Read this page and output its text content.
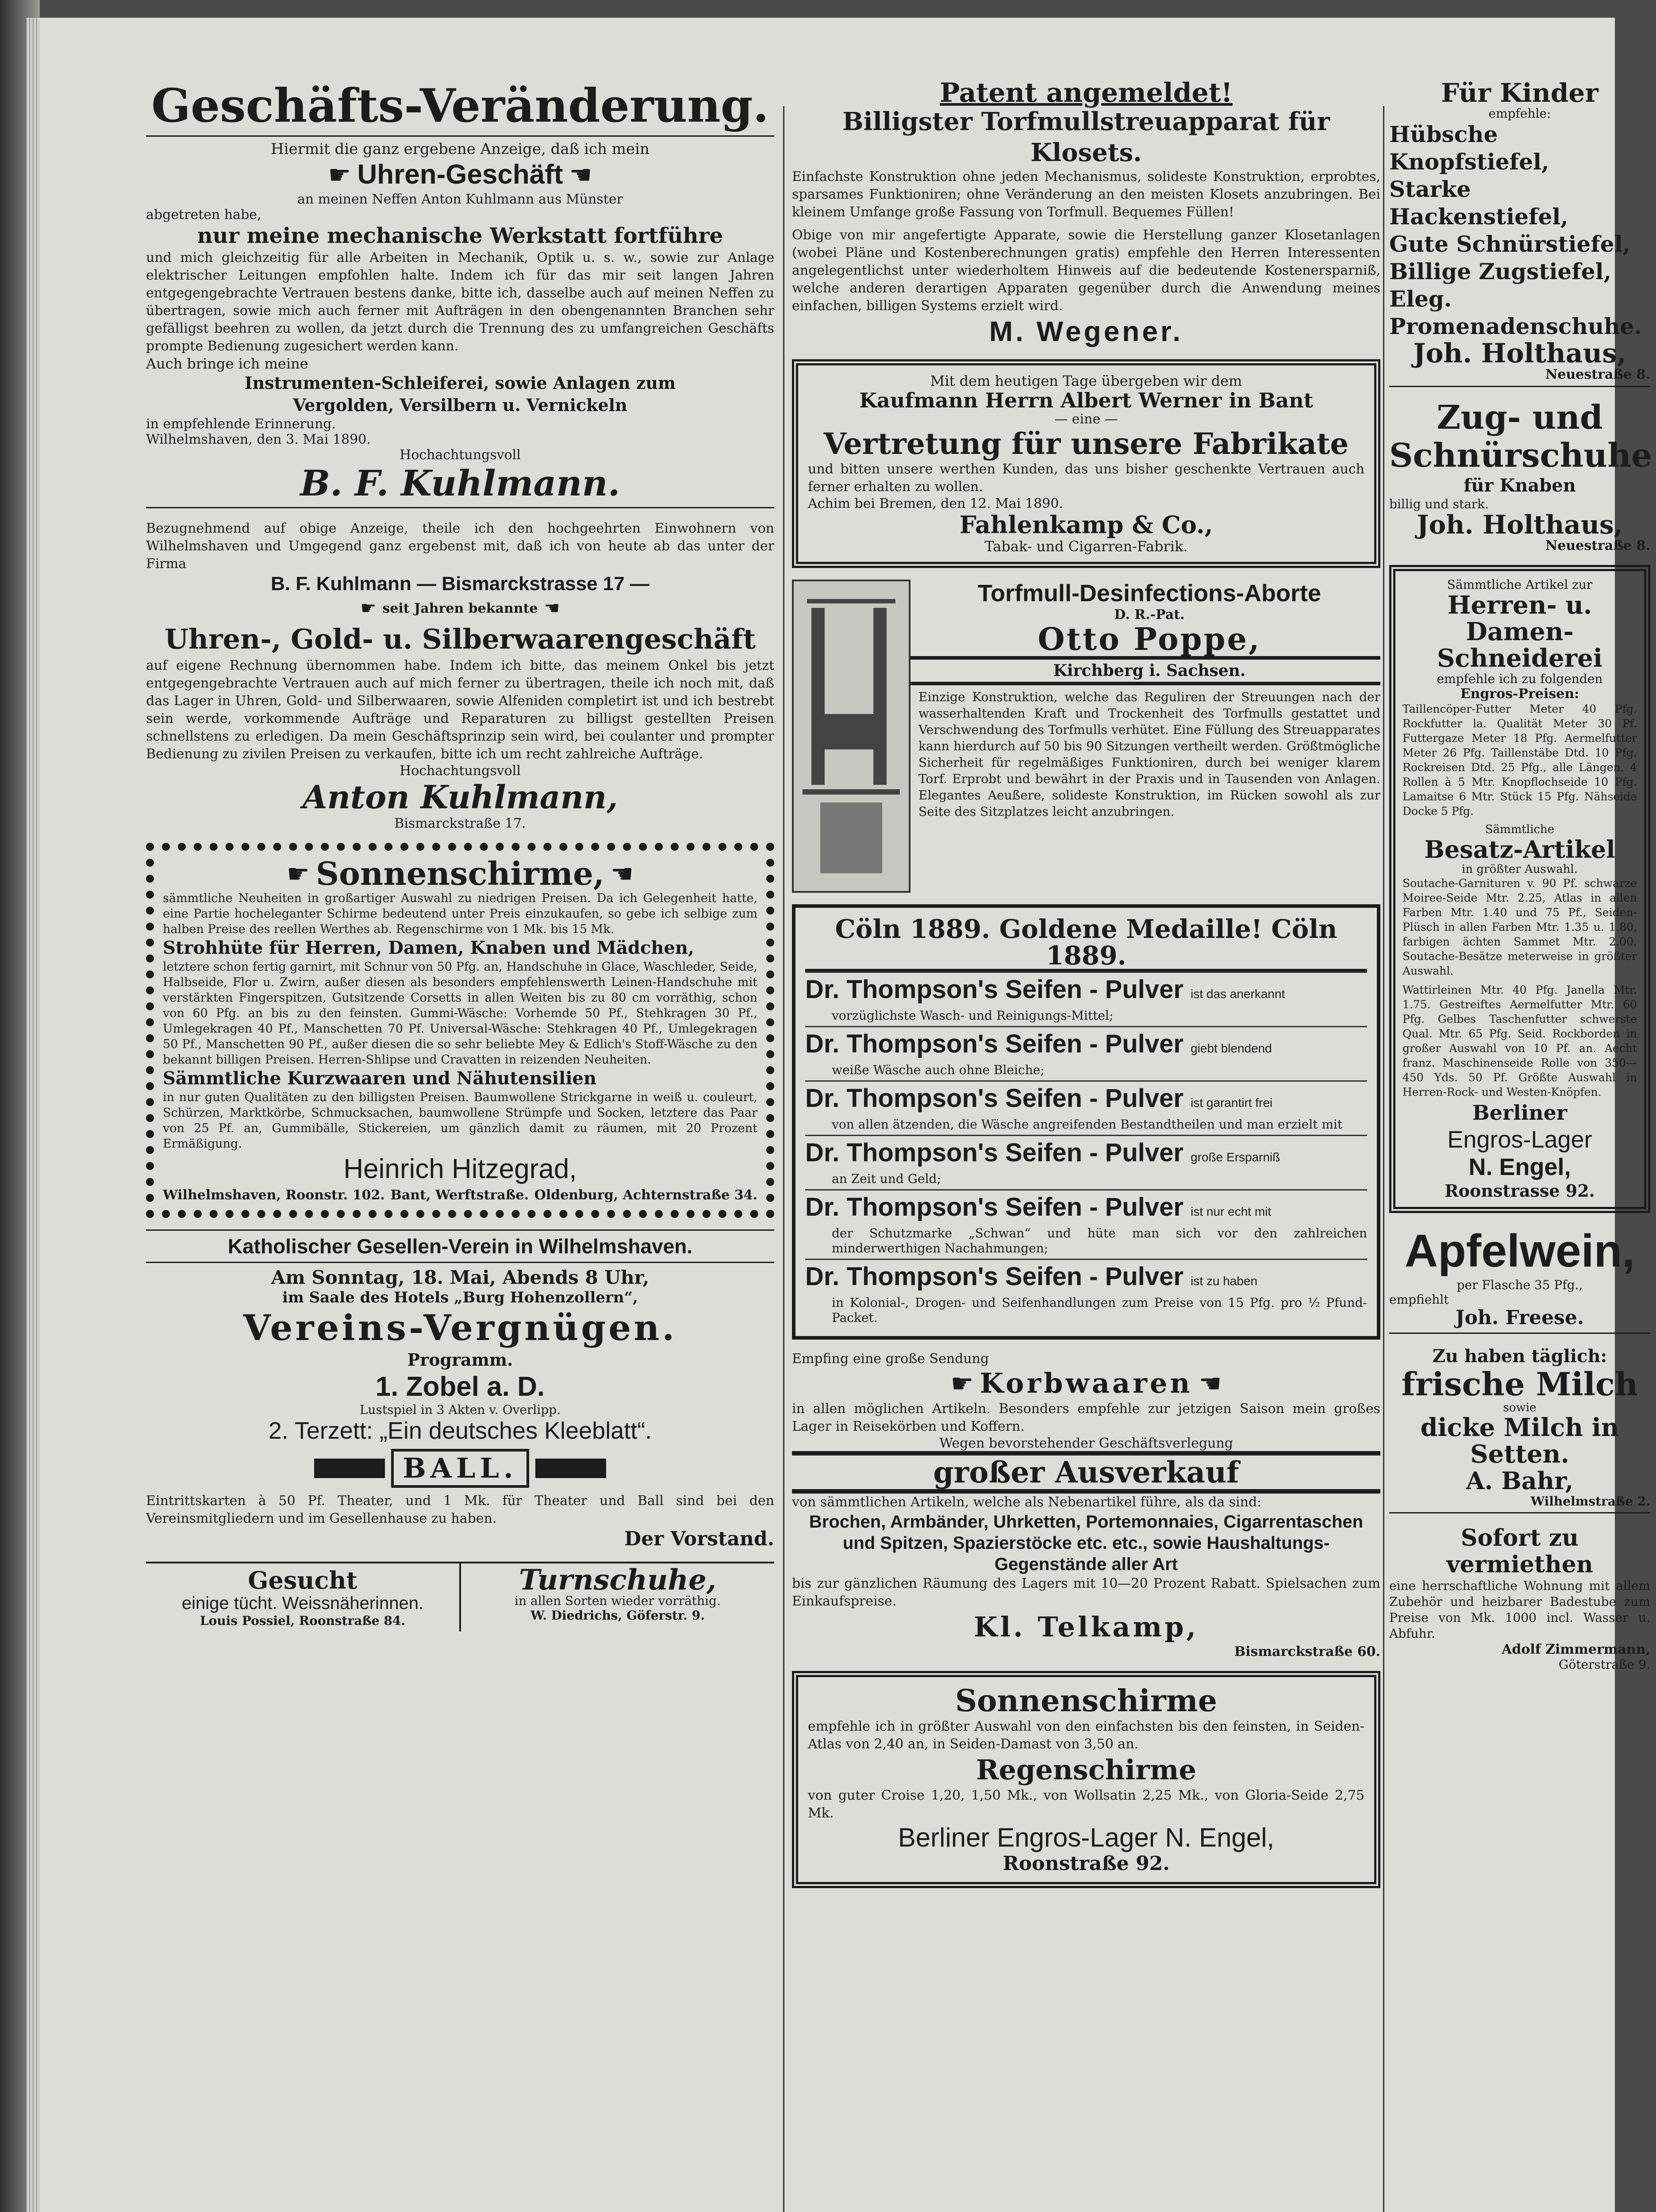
Geschäfts-Veränderung.
Hiermit die ganz ergebene Anzeige, daß ich mein
☛ Uhren-Geschäft ☚
an meinen Neffen Anton Kuhlmann aus Münster
abgetreten habe,
nur meine mechanische Werkstatt fortführe

und mich gleichzeitig für alle Arbeiten in Mechanik, Optik u. s. w., sowie zur Anlage elektrischer Leitungen empfohlen halte. Indem ich für das mir seit langen Jahren entgegengebrachte Vertrauen bestens danke, bitte ich, dasselbe auch auf meinen Neffen zu übertragen, sowie mich auch ferner mit Aufträgen in den obengenannten Branchen sehr gefälligst beehren zu wollen, da jetzt durch die Trennung des zu umfangreichen Geschäfts prompte Bedienung zugesichert werden kann.

Auch bringe ich meine
Instrumenten-Schleiferei, sowie Anlagen zum
Vergolden, Versilbern u. Vernickeln
in empfehlende Erinnerung.
Wilhelmshaven, den 3. Mai 1890.
Hochachtungsvoll
B. F. Kuhlmann.

Bezugnehmend auf obige Anzeige, theile ich den hochgeehrten Einwohnern von Wilhelmshaven und Umgegend ganz ergebenst mit, daß ich von heute ab das unter der Firma

B. F. Kuhlmann — Bismarckstrasse 17 —
☛ seit Jahren bekannte ☚
Uhren-, Gold- u. Silberwaarengeschäft

auf eigene Rechnung übernommen habe. Indem ich bitte, das meinem Onkel bis jetzt entgegengebrachte Vertrauen auch auf mich ferner zu übertragen, theile ich noch mit, daß das Lager in Uhren, Gold- und Silberwaaren, sowie Alfeniden completirt ist und ich bestrebt sein werde, vorkommende Aufträge und Reparaturen zu billigst gestellten Preisen schnellstens zu erledigen. Da mein Geschäftsprinzip sein wird, bei coulanter und prompter Bedienung zu zivilen Preisen zu verkaufen, bitte ich um recht zahlreiche Aufträge.

Hochachtungsvoll
Anton Kuhlmann,
Bismarckstraße 17.
☛ Sonnenschirme, ☚

sämmtliche Neuheiten in großartiger Auswahl zu niedrigen Preisen. Da ich Gelegenheit hatte, eine Partie hocheleganter Schirme bedeutend unter Preis einzukaufen, so gebe ich selbige zum halben Preise des reellen Werthes ab. Regenschirme von 1 Mk. bis 15 Mk.

Strohhüte für Herren, Damen, Knaben und Mädchen,

letztere schon fertig garnirt, mit Schnur von 50 Pfg. an, Handschuhe in Glace, Waschleder, Seide, Halbseide, Flor u. Zwirn, außer diesen als besonders empfehlenswerth Leinen-Handschuhe mit verstärkten Fingerspitzen, Gutsitzende Corsetts in allen Weiten bis zu 80 cm vorräthig, schon von 60 Pfg. an bis zu den feinsten. Gummi-Wäsche: Vorhemde 50 Pf., Stehkragen 30 Pf., Umlegekragen 40 Pf., Manschetten 70 Pf. Universal-Wäsche: Stehkragen 40 Pf., Umlegekragen 50 Pf., Manschetten 90 Pf., außer diesen die so sehr beliebte Mey & Edlich's Stoff-Wäsche zu den bekannt billigen Preisen. Herren-Shlipse und Cravatten in reizenden Neuheiten.

Sämmtliche Kurzwaaren und Nähutensilien

in nur guten Qualitäten zu den billigsten Preisen. Baumwollene Strickgarne in weiß u. couleurt, Schürzen, Marktkörbe, Schmucksachen, baumwollene Strümpfe und Socken, letztere das Paar von 25 Pf. an, Gummibälle, Stickereien, um gänzlich damit zu räumen, mit 20 Prozent Ermäßigung.

Heinrich Hitzegrad,
Wilhelmshaven, Roonstr. 102. Bant, Werftstraße. Oldenburg, Achternstraße 34.
Katholischer Gesellen-Verein in Wilhelmshaven.
Am Sonntag, 18. Mai, Abends 8 Uhr,
im Saale des Hotels „Burg Hohenzollern“,
Vereins-Vergnügen.
Programm.
1. Zobel a. D.
Lustspiel in 3 Akten v. Overlipp.
2. Terzett: „Ein deutsches Kleeblatt“.
BALL.

Eintrittskarten à 50 Pf. Theater, und 1 Mk. für Theater und Ball sind bei den Vereinsmitgliedern und im Gesellenhause zu haben.

Der Vorstand.
Gesucht
einige tücht. Weissnäherinnen.
Louis Possiel, Roonstraße 84.
Turnschuhe,
in allen Sorten wieder vorräthig.
W. Diedrichs, Göferstr. 9.
Patent angemeldet!
Billigster Torfmullstreuapparat für Klosets.

Einfachste Konstruktion ohne jeden Mechanismus, solideste Konstruktion, erprobtes, sparsames Funktioniren; ohne Veränderung an den meisten Klosets anzubringen. Bei kleinem Umfange große Fassung von Torfmull. Bequemes Füllen!

Obige von mir angefertigte Apparate, sowie die Herstellung ganzer Klosetanlagen (wobei Pläne und Kostenberechnungen gratis) empfehle den Herren Interessenten angelegentlichst unter wiederholtem Hinweis auf die bedeutende Kostenersparniß, welche anderen derartigen Apparaten gegenüber durch die Anwendung meines einfachen, billigen Systems erzielt wird.

M. Wegener.
Mit dem heutigen Tage übergeben wir dem
Kaufmann Herrn Albert Werner in Bant
— eine —
Vertretung für unsere Fabrikate

und bitten unsere werthen Kunden, das uns bisher geschenkte Vertrauen auch ferner erhalten zu wollen.

Achim bei Bremen, den 12. Mai 1890.
Fahlenkamp & Co.,
Tabak- und Cigarren-Fabrik.
Torfmull-Desinfections-Aborte
D. R.-Pat.
Otto Poppe,
Kirchberg i. Sachsen.

Einzige Konstruktion, welche das Reguliren der Streuungen nach der wasserhaltenden Kraft und Trockenheit des Torfmulls gestattet und Verschwendung des Torfmulls verhütet. Eine Füllung des Streuapparates kann hierdurch auf 50 bis 90 Sitzungen vertheilt werden. Größtmögliche Sicherheit für regelmäßiges Funktioniren, durch bei weniger klarem Torf. Erprobt und bewährt in der Praxis und in Tausenden von Anlagen. Elegantes Aeußere, solideste Konstruktion, im Rücken sowohl als zur Seite des Sitzplatzes leicht anzubringen.

Cöln 1889. Goldene Medaille! Cöln 1889.
Dr. Thompson's Seifen - Pulver ist das anerkannt
vorzüglichste Wasch- und Reinigungs-Mittel;
Dr. Thompson's Seifen - Pulver giebt blendend
weiße Wäsche auch ohne Bleiche;
Dr. Thompson's Seifen - Pulver ist garantirt frei
von allen ätzenden, die Wäsche angreifenden Bestandtheilen und man erzielt mit
Dr. Thompson's Seifen - Pulver große Ersparniß
an Zeit und Geld;
Dr. Thompson's Seifen - Pulver ist nur echt mit
der Schutzmarke „Schwan“ und hüte man sich vor den zahlreichen minderwerthigen Nachahmungen;
Dr. Thompson's Seifen - Pulver ist zu haben
in Kolonial-, Drogen- und Seifenhandlungen zum Preise von 15 Pfg. pro ½ Pfund-Packet.
Empfing eine große Sendung
☛ Korbwaaren ☚

in allen möglichen Artikeln. Besonders empfehle zur jetzigen Saison mein großes Lager in Reisekörben und Koffern.

Wegen bevorstehender Geschäftsverlegung
großer Ausverkauf

von sämmtlichen Artikeln, welche als Nebenartikel führe, als da sind:

Brochen, Armbänder, Uhrketten, Portemonnaies, Cigarrentaschen und Spitzen, Spazierstöcke etc. etc., sowie Haushaltungs-Gegenstände aller Art

bis zur gänzlichen Räumung des Lagers mit 10—20 Prozent Rabatt. Spielsachen zum Einkaufspreise.

Kl. Telkamp,
Bismarckstraße 60.
Sonnenschirme

empfehle ich in größter Auswahl von den einfachsten bis den feinsten, in Seiden-Atlas von 2,40 an, in Seiden-Damast von 3,50 an.

Regenschirme

von guter Croise 1,20, 1,50 Mk., von Wollsatin 2,25 Mk., von Gloria-Seide 2,75 Mk.

Berliner Engros-Lager N. Engel,
Roonstraße 92.
Für Kinder
empfehle:
Hübsche Knopfstiefel,
Starke Hackenstiefel,
Gute Schnürstiefel,
Billige Zugstiefel,
Eleg. Promenadenschuhe.
Joh. Holthaus,
Neuestraße 8.
Zug- und Schnürschuhe
für Knaben
billig und stark.
Joh. Holthaus,
Neuestraße 8.
Sämmtliche Artikel zur
Herren- u. Damen-
Schneiderei
empfehle ich zu folgenden
Engros-Preisen:

Taillencöper-Futter Meter 40 Pfg. Rockfutter la. Qualität Meter 30 Pf. Futtergaze Meter 18 Pfg. Aermelfutter Meter 26 Pfg. Taillenstäbe Dtd. 10 Pfg. Rockreisen Dtd. 25 Pfg., alle Längen. 4 Rollen à 5 Mtr. Knopflochseide 10 Pfg. Lamaitse 6 Mtr. Stück 15 Pfg. Nähseide Docke 5 Pfg.

Sämmtliche
Besatz-Artikel
in größter Auswahl.

Soutache-Garnituren v. 90 Pf. schwarze Moiree-Seide Mtr. 2.25, Atlas in allen Farben Mtr. 1.40 und 75 Pf., Seiden-Plüsch in allen Farben Mtr. 1.35 u. 1.80, farbigen ächten Sammet Mtr. 2.00, Soutache-Besätze meterweise in größter Auswahl.

Wattirleinen Mtr. 40 Pfg. Janella Mtr. 1.75. Gestreiftes Aermelfutter Mtr. 60 Pfg. Gelbes Taschenfutter schwerste Qual. Mtr. 65 Pfg. Seid. Rockborden in großer Auswahl von 10 Pf. an. Aecht franz. Maschinenseide Rolle von 350—450 Yds. 50 Pf. Größte Auswahl in Herren-Rock- und Westen-Knöpfen.

Berliner
Engros-Lager
N. Engel,
Roonstrasse 92.
Apfelwein,
per Flasche 35 Pfg.,
empfiehlt
Joh. Freese.
Zu haben täglich:
frische Milch
sowie
dicke Milch in Setten.
A. Bahr,
Wilhelmstraße 2.
Sofort zu vermiethen

eine herrschaftliche Wohnung mit allem Zubehör und heizbarer Badestube zum Preise von Mk. 1000 incl. Wasser u. Abfuhr.

Adolf Zimmermann,
Göterstraße 9.
